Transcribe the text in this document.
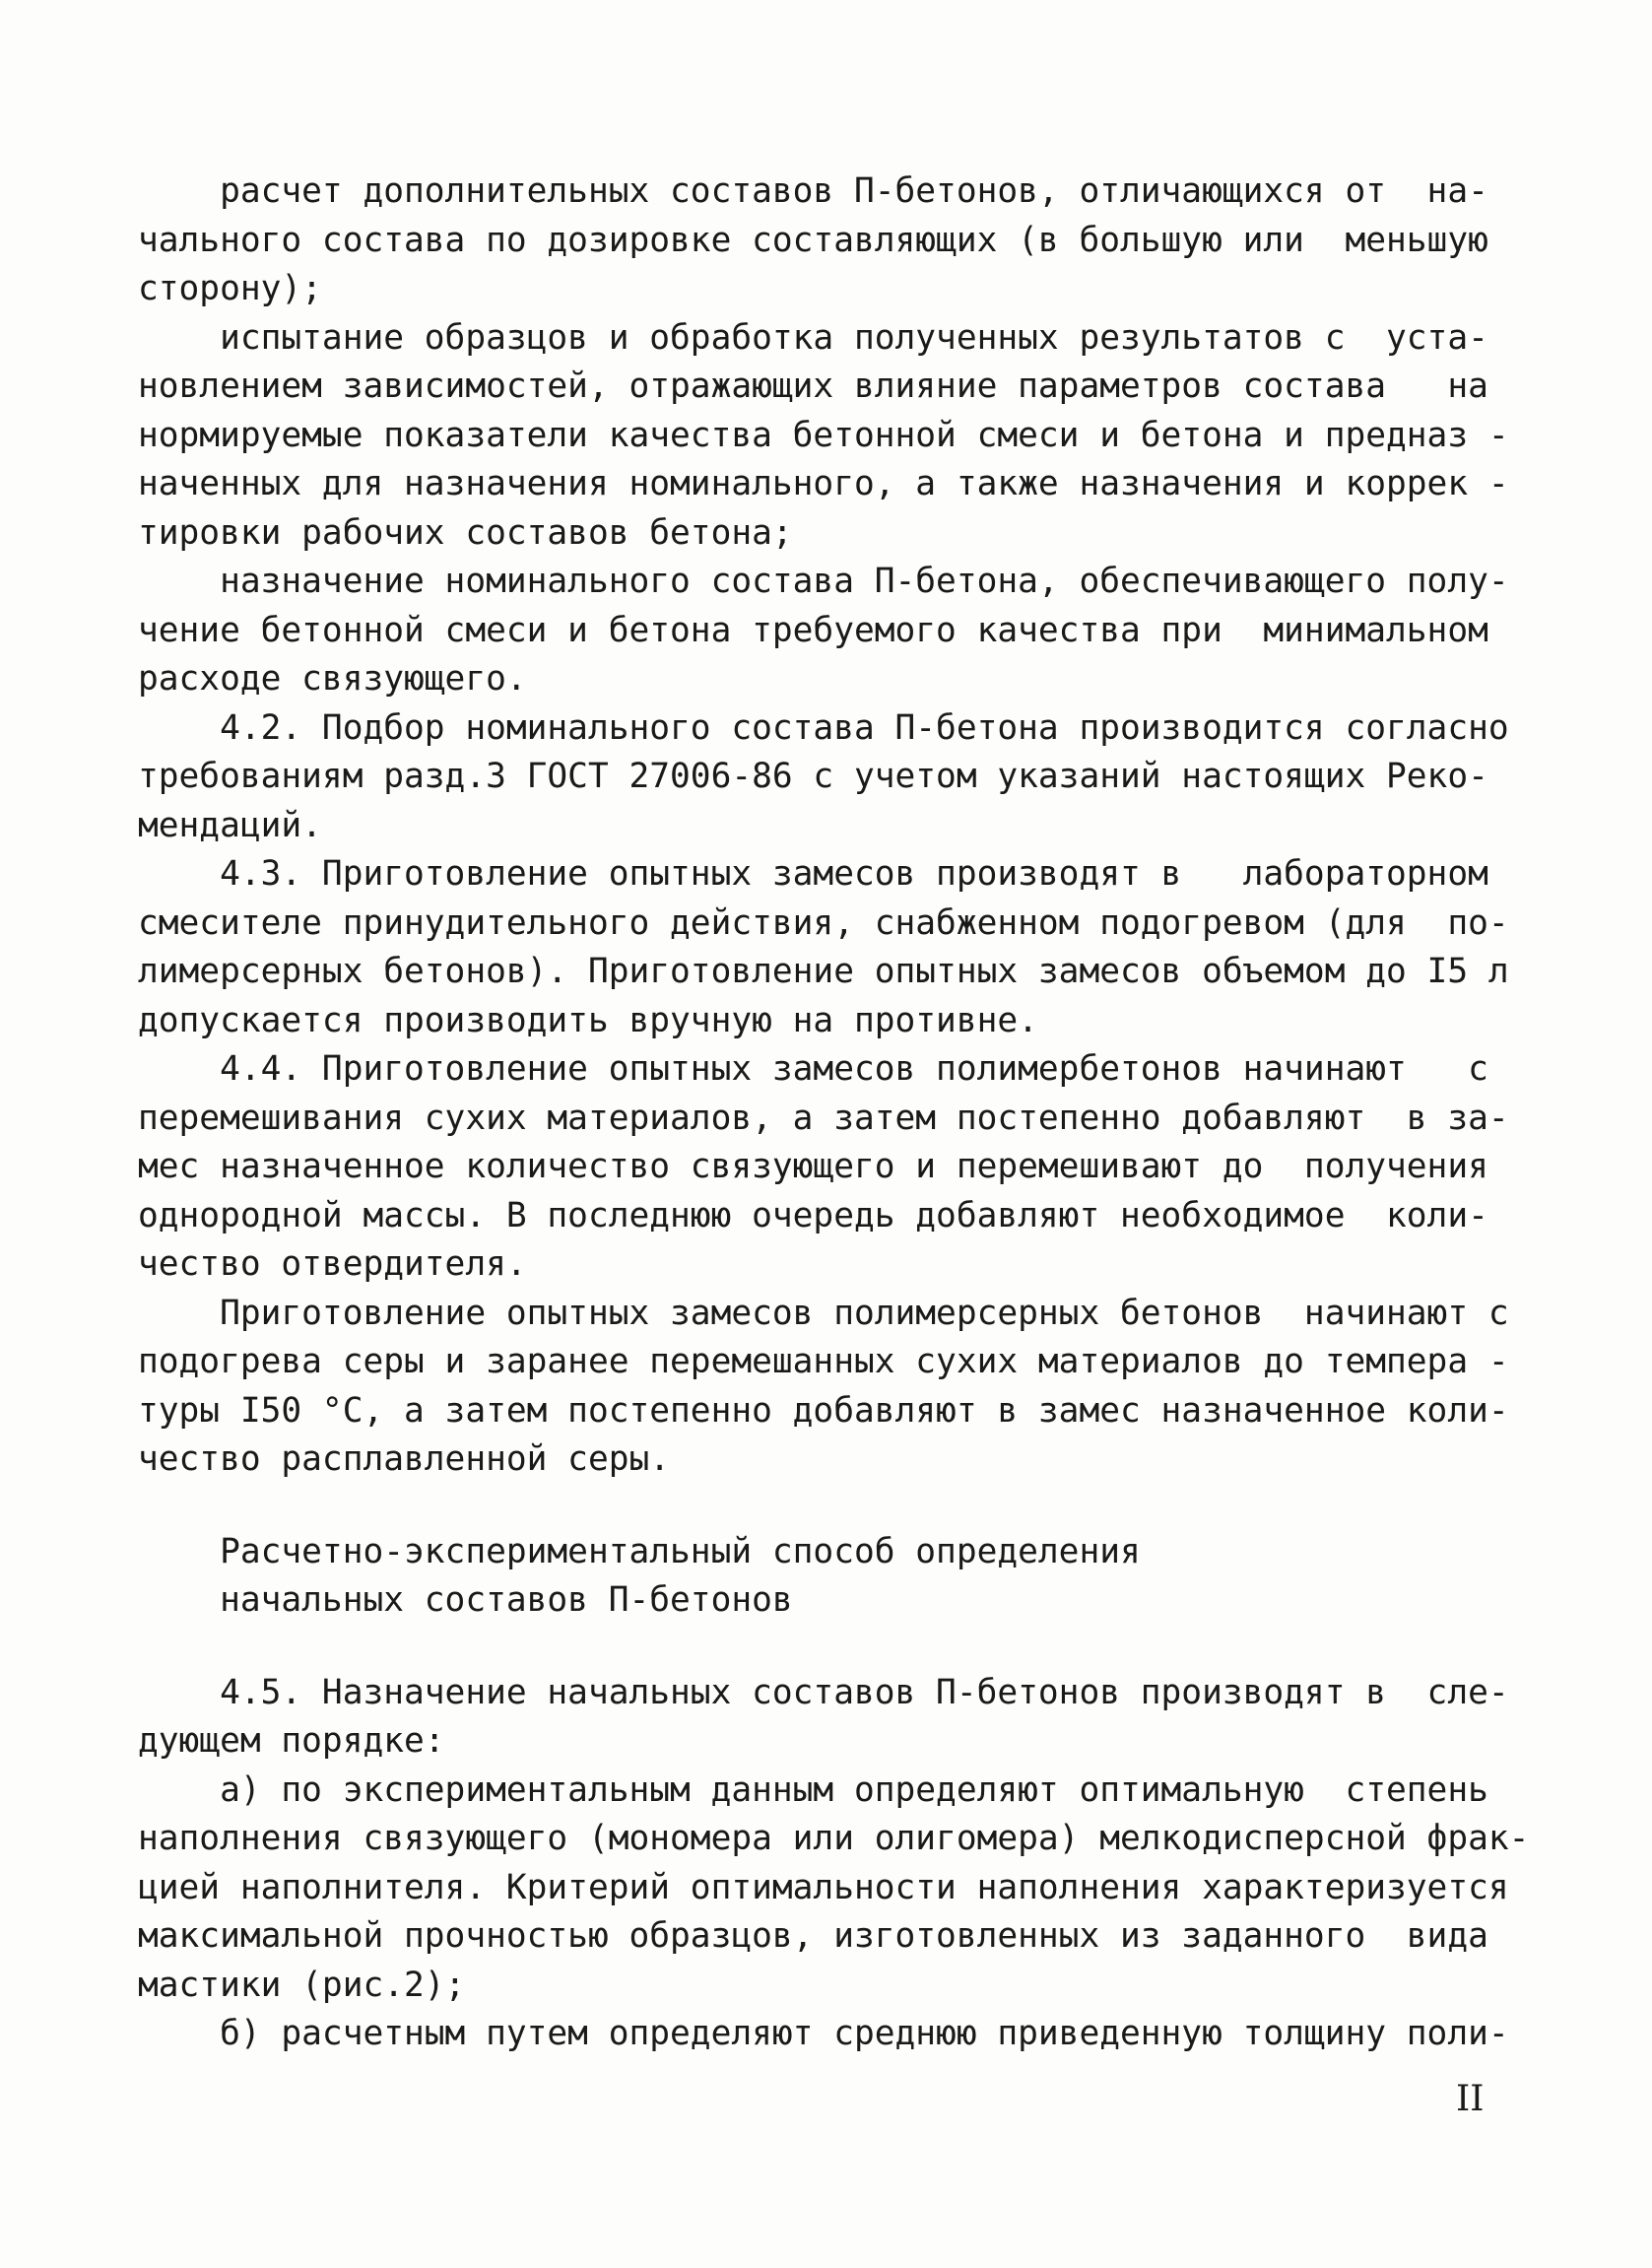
расчет дополнительных составов П-бетонов, отличающихся от  на-
чального состава по дозировке составляющих (в большую или  меньшую
сторону);
испытание образцов и обработка полученных результатов с  уста-
новлением зависимостей, отражающих влияние параметров состава   на
нормируемые показатели качества бетонной смеси и бетона и предназ -
наченных для назначения номинального, а также назначения и коррек -
тировки рабочих составов бетона;
назначение номинального состава П-бетона, обеспечивающего полу-
чение бетонной смеси и бетона требуемого качества при  минимальном
расходе связующего.
4.2. Подбор номинального состава П-бетона производится согласно
требованиям разд.3 ГОСТ 27006-86 с учетом указаний настоящих Реко-
мендаций.
4.3. Приготовление опытных замесов производят в   лабораторном
смесителе принудительного действия, снабженном подогревом (для  по-
лимерсерных бетонов). Приготовление опытных замесов объемом до I5 л
допускается производить вручную на противне.
4.4. Приготовление опытных замесов полимербетонов начинают   с
перемешивания сухих материалов, а затем постепенно добавляют  в за-
мес назначенное количество связующего и перемешивают до  получения
однородной массы. В последнюю очередь добавляют необходимое  коли-
чество отвердителя.
Приготовление опытных замесов полимерсерных бетонов  начинают с
подогрева серы и заранее перемешанных сухих материалов до темпера -
туры I50 °С, а затем постепенно добавляют в замес назначенное коли-
чество расплавленной серы.
Расчетно-экспериментальный способ определения
начальных составов П-бетонов
4.5. Назначение начальных составов П-бетонов производят в  сле-
дующем порядке:
а) по экспериментальным данным определяют оптимальную  степень
наполнения связующего (мономера или олигомера) мелкодисперсной фрак-
цией наполнителя. Критерий оптимальности наполнения характеризуется
максимальной прочностью образцов, изготовленных из заданного  вида
мастики (рис.2);
б) расчетным путем определяют среднюю приведенную толщину поли-
II
